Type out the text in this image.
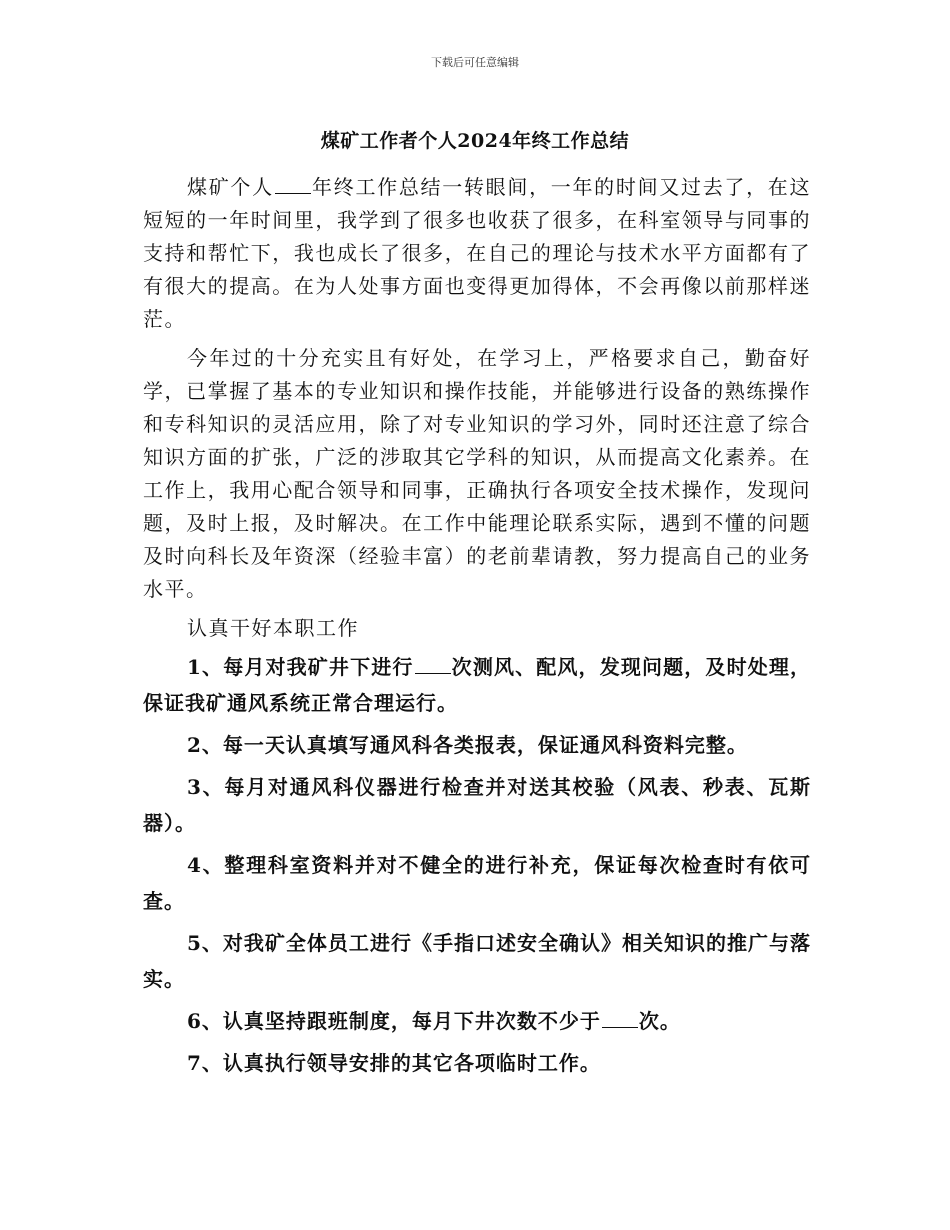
下载后可任意编辑
煤矿工作者个人2024年终工作总结

煤矿个人 年终工作总结一转眼间，一年的时间又过去了，在这短短的一年时间里，我学到了很多也收获了很多，在科室领导与同事的支持和帮忙下，我也成长了很多，在自己的理论与技术水平方面都有了有很大的提高。在为人处事方面也变得更加得体，不会再像以前那样迷茫。

今年过的十分充实且有好处，在学习上，严格要求自己，勤奋好学，已掌握了基本的专业知识和操作技能，并能够进行设备的熟练操作和专科知识的灵活应用，除了对专业知识的学习外，同时还注意了综合知识方面的扩张，广泛的涉取其它学科的知识，从而提高文化素养。在工作上，我用心配合领导和同事，正确执行各项安全技术操作，发现问题，及时上报，及时解决。在工作中能理论联系实际，遇到不懂的问题及时向科长及年资深（经验丰富）的老前辈请教，努力提高自己的业务水平。

认真干好本职工作

1、每月对我矿井下进行 次测风、配风，发现问题，及时处理，保证我矿通风系统正常合理运行。

2、每一天认真填写通风科各类报表，保证通风科资料完整。

3、每月对通风科仪器进行检查并对送其校验（风表、秒表、瓦斯器）。

4、整理科室资料并对不健全的进行补充，保证每次检查时有依可查。

5、对我矿全体员工进行《手指口述安全确认》相关知识的推广与落实。

6、认真坚持跟班制度，每月下井次数不少于 次。

7、认真执行领导安排的其它各项临时工作。
